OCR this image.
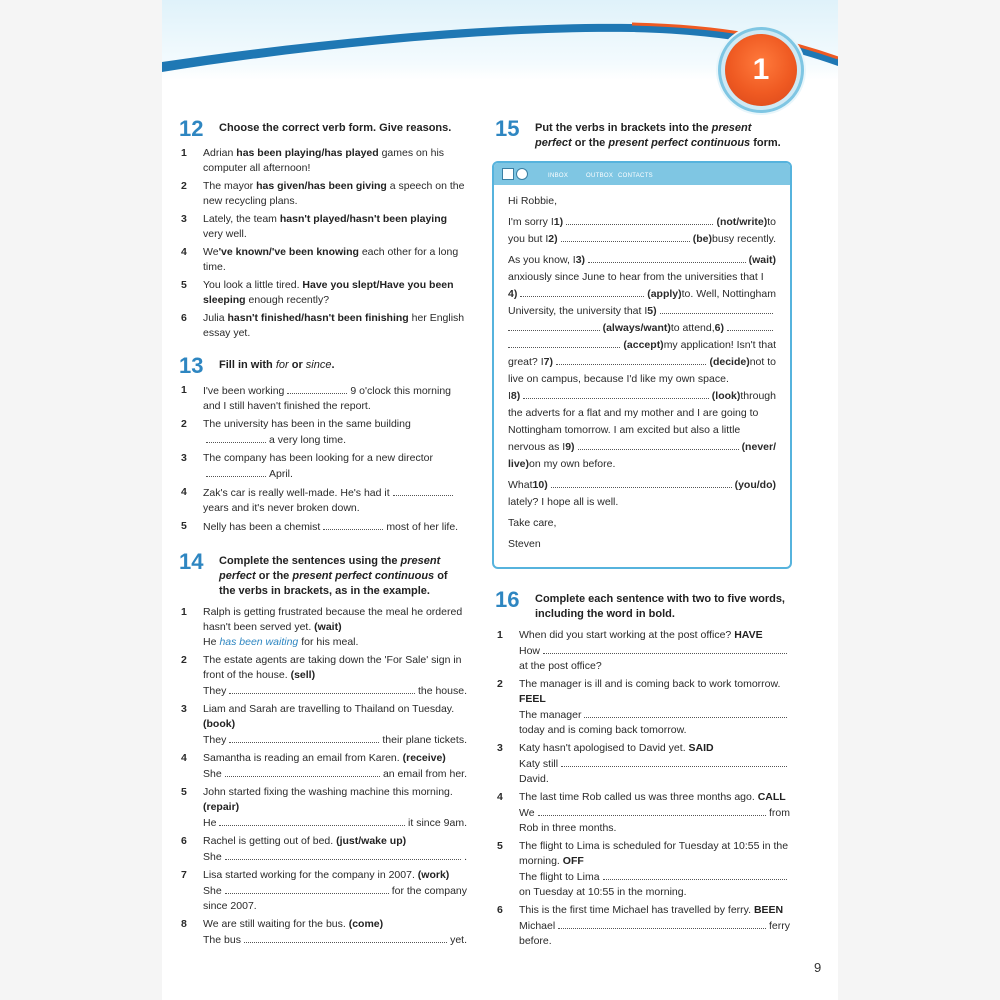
1
12	Choose the correct verb form. Give reasons.
1	Adrian has been playing/has played games on his computer all afternoon!
2	The mayor has given/has been giving a speech on the new recycling plans.
3	Lately, the team hasn't played/hasn't been playing very well.
4	We've known/'ve been knowing each other for a long time.
5	You look a little tired. Have you slept/Have you been sleeping enough recently?
6	Julia hasn't finished/hasn't been finishing her English essay yet.
13	Fill in with for or since.
1	I've been working	9 o'clock this morning and I still haven't finished the report.
2	The university has been in the same buildinga very long time.
3	The company has been looking for a new directorApril.
4	Zak's car is really well-made. He's had ityears and it's never broken down.
5	Nelly has been a chemist	most of her life.
14	Complete the sentences using the present perfect or the present perfect continuous of the verbs in brackets, as in the example.
1	Ralph is getting frustrated because the meal he ordered hasn't been served yet. (wait)
He has been waiting for his meal.
2	The estate agents are taking down the 'For Sale' sign in front of the house. (sell)
They	the house.
3	Liam and Sarah are travelling to Thailand on Tuesday. (book)
They	their plane tickets.
4	Samantha is reading an email from Karen. (receive)
She	an email from her.
5	John started fixing the washing machine this morning. (repair)
He	it since 9am.
6	Rachel is getting out of bed. (just/wake up)
She	.
7	Lisa started working for the company in 2007. (work)
She	for the company
since 2007.
8	We are still waiting for the bus. (come)
The bus	yet.
15	Put the verbs in brackets into the present perfect or the present perfect continuous form.
INBOX	OUTBOX CONTACTS

Hi Robbie,

I'm sorry I 1)	(not/write) to
you but I 2)	(be) busy recently.
As you know, I 3)	(wait)
anxiously since June to hear from the universities that I
4)	(apply) to. Well, Nottingham
University, the university that I 5)
(always/want) to attend, 6)
(accept) my application! Isn't that
great? I 7)	(decide) not to
live on campus, because I'd like my own space.
I 8)	(look) through
the adverts for a flat and my mother and I are going to
Nottingham tomorrow. I am excited but also a little
nervous as I 9)	(never/
live) on my own before.
What 10)	(you/do)
lately? I hope all is well.

Take care,

Steven

16	Complete each sentence with two to five words, including the word in bold.
1	When did you start working at the post office? HAVE
How
at the post office?
2	The manager is ill and is coming back to work tomorrow. FEEL
The manager
today and is coming back tomorrow.
3	Katy hasn't apologised to David yet. SAID
Katy still
David.
4	The last time Rob called us was three months ago. CALL
We	from
Rob in three months.
5	The flight to Lima is scheduled for Tuesday at 10:55 in the morning. OFF
The flight to Lima
on Tuesday at 10:55 in the morning.
6	This is the first time Michael has travelled by ferry. BEEN
Michael	ferry
before.
9
